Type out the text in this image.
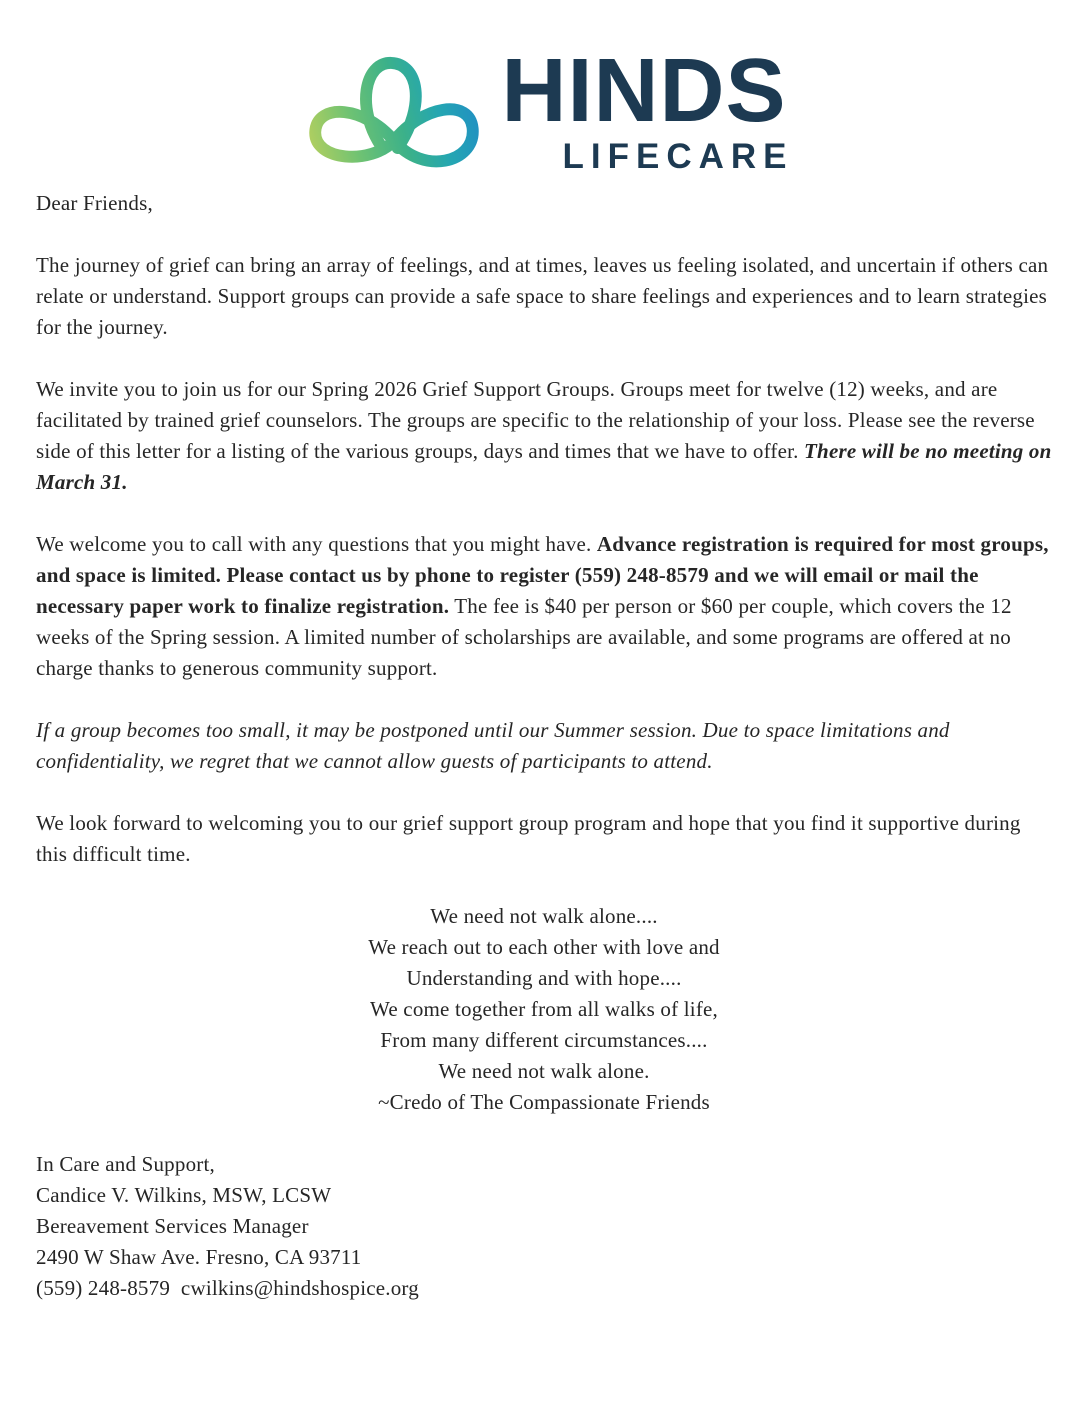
HINDS
LIFECARE

Dear Friends,

The journey of grief can bring an array of feelings, and at times, leaves us feeling isolated, and uncertain if others can relate or understand. Support groups can provide a safe space to share feelings and experiences and to learn strategies for the journey.

We invite you to join us for our Spring 2026 Grief Support Groups. Groups meet for twelve (12) weeks, and are facilitated by trained grief counselors. The groups are specific to the relationship of your loss. Please see the reverse side of this letter for a listing of the various groups, days and times that we have to offer. There will be no meeting on March 31.

We welcome you to call with any questions that you might have. Advance registration is required for most groups, and space is limited. Please contact us by phone to register (559) 248-8579 and we will email or mail the necessary paper work to finalize registration. The fee is $40 per person or $60 per couple, which covers the 12 weeks of the Spring session. A limited number of scholarships are available, and some programs are offered at no charge thanks to generous community support.

If a group becomes too small, it may be postponed until our Summer session. Due to space limitations and confidentiality, we regret that we cannot allow guests of participants to attend.

We look forward to welcoming you to our grief support group program and hope that you find it supportive during this difficult time.

We need not walk alone....
We reach out to each other with love and
Understanding and with hope....
We come together from all walks of life,
From many different circumstances....
We need not walk alone.
~Credo of The Compassionate Friends
In Care and Support,
Candice V. Wilkins, MSW, LCSW
Bereavement Services Manager
2490 W Shaw Ave. Fresno, CA 93711
(559) 248-8579  cwilkins@hindshospice.org
